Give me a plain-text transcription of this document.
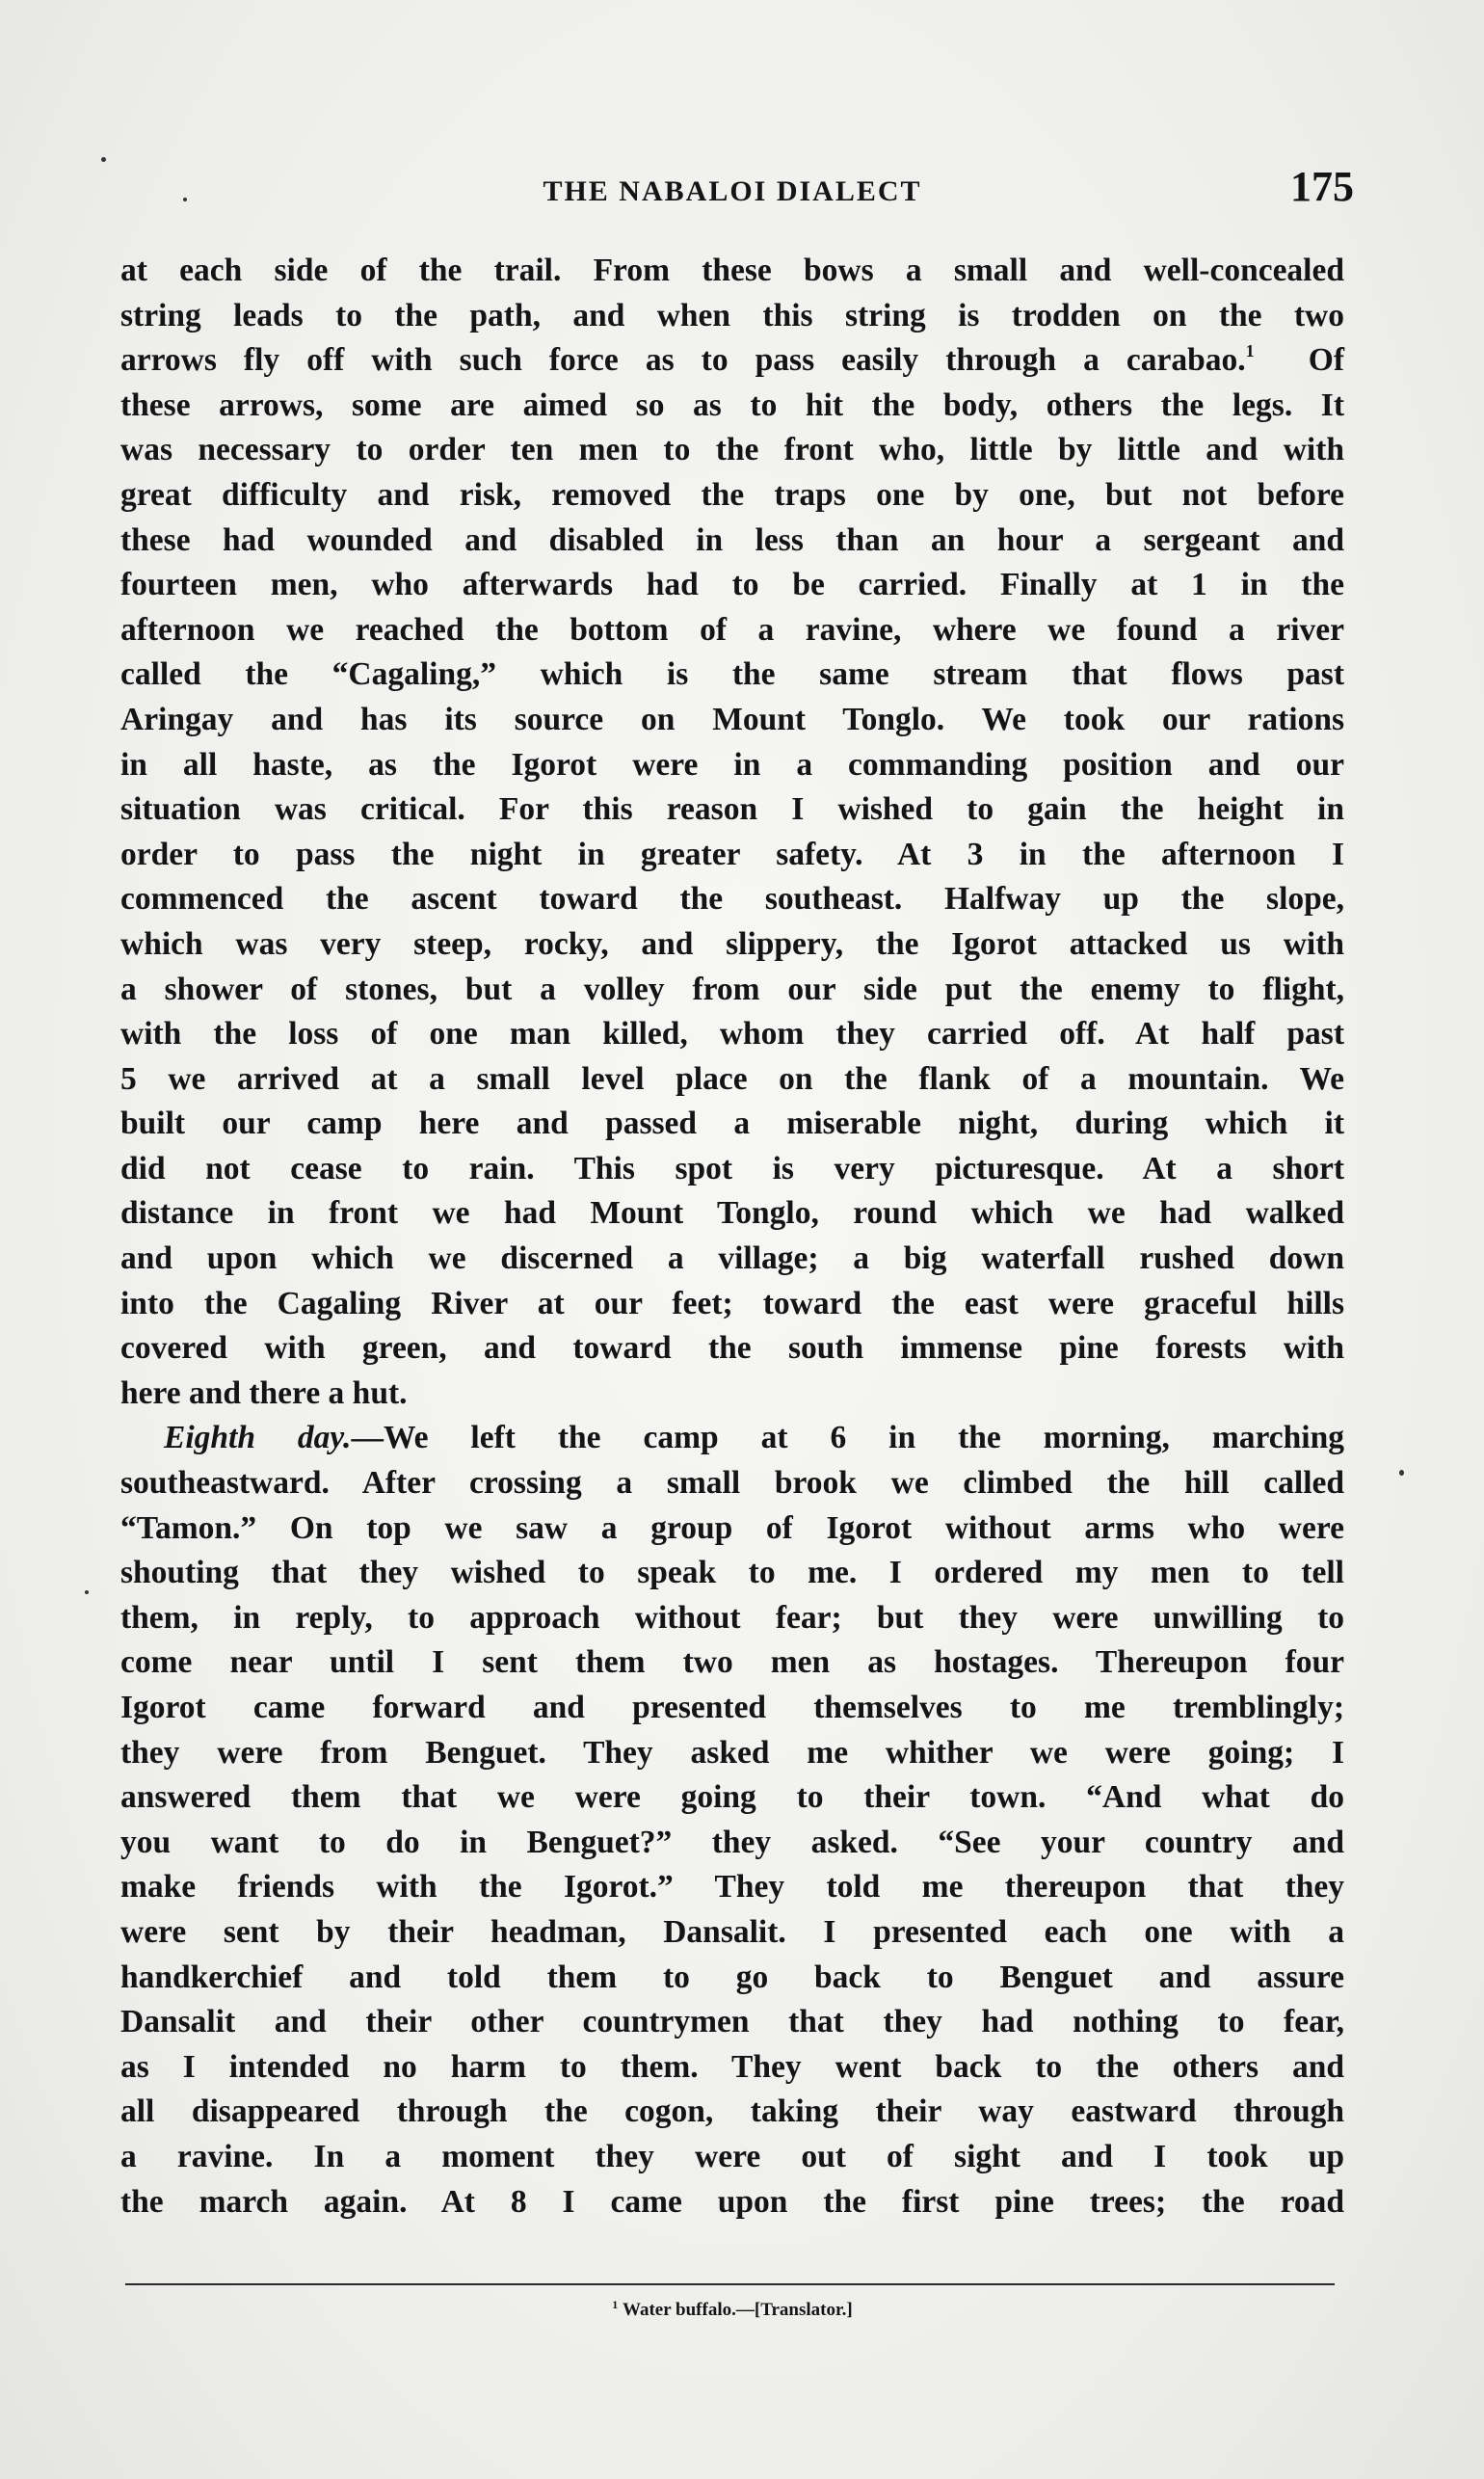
THE NABALOI DIALECT	175
at each side of the trail. From these bows a small and well-concealed
string leads to the path, and when this string is trodden on the two
arrows fly off with such force as to pass easily through a carabao.$^1$ Of
these arrows, some are aimed so as to hit the body, others the legs. It
was necessary to order ten men to the front who, little by little and with
great difficulty and risk, removed the traps one by one, but not before
these had wounded and disabled in less than an hour a sergeant and
fourteen men, who afterwards had to be carried. Finally at 1 in the
afternoon we reached the bottom of a ravine, where we found a river
called the “Cagaling,” which is the same stream that flows past
Aringay and has its source on Mount Tonglo. We took our rations
in all haste, as the Igorot were in a commanding position and our
situation was critical. For this reason I wished to gain the height in
order to pass the night in greater safety. At 3 in the afternoon I
commenced the ascent toward the southeast. Halfway up the slope,
which was very steep, rocky, and slippery, the Igorot attacked us with
a shower of stones, but a volley from our side put the enemy to flight,
with the loss of one man killed, whom they carried off. At half past
5 we arrived at a small level place on the flank of a mountain. We
built our camp here and passed a miserable night, during which it
did not cease to rain. This spot is very picturesque. At a short
distance in front we had Mount Tonglo, round which we had walked
and upon which we discerned a village; a big waterfall rushed down
into the Cagaling River at our feet; toward the east were graceful hills
covered with green, and toward the south immense pine forests with
here and there a hut.
Eighth day.—We left the camp at 6 in the morning, marching
southeastward. After crossing a small brook we climbed the hill called
“Tamon.” On top we saw a group of Igorot without arms who were
shouting that they wished to speak to me. I ordered my men to tell
them, in reply, to approach without fear; but they were unwilling to
come near until I sent them two men as hostages. Thereupon four
Igorot came forward and presented themselves to me tremblingly;
they were from Benguet. They asked me whither we were going; I
answered them that we were going to their town. “And what do
you want to do in Benguet?” they asked. “See your country and
make friends with the Igorot.” They told me thereupon that they
were sent by their headman, Dansalit. I presented each one with a
handkerchief and told them to go back to Benguet and assure
Dansalit and their other countrymen that they had nothing to fear,
as I intended no harm to them. They went back to the others and
all disappeared through the cogon, taking their way eastward through
a ravine. In a moment they were out of sight and I took up
the march again. At 8 I came upon the first pine trees; the road
$^1$ Water buffalo.—[Translator.]
